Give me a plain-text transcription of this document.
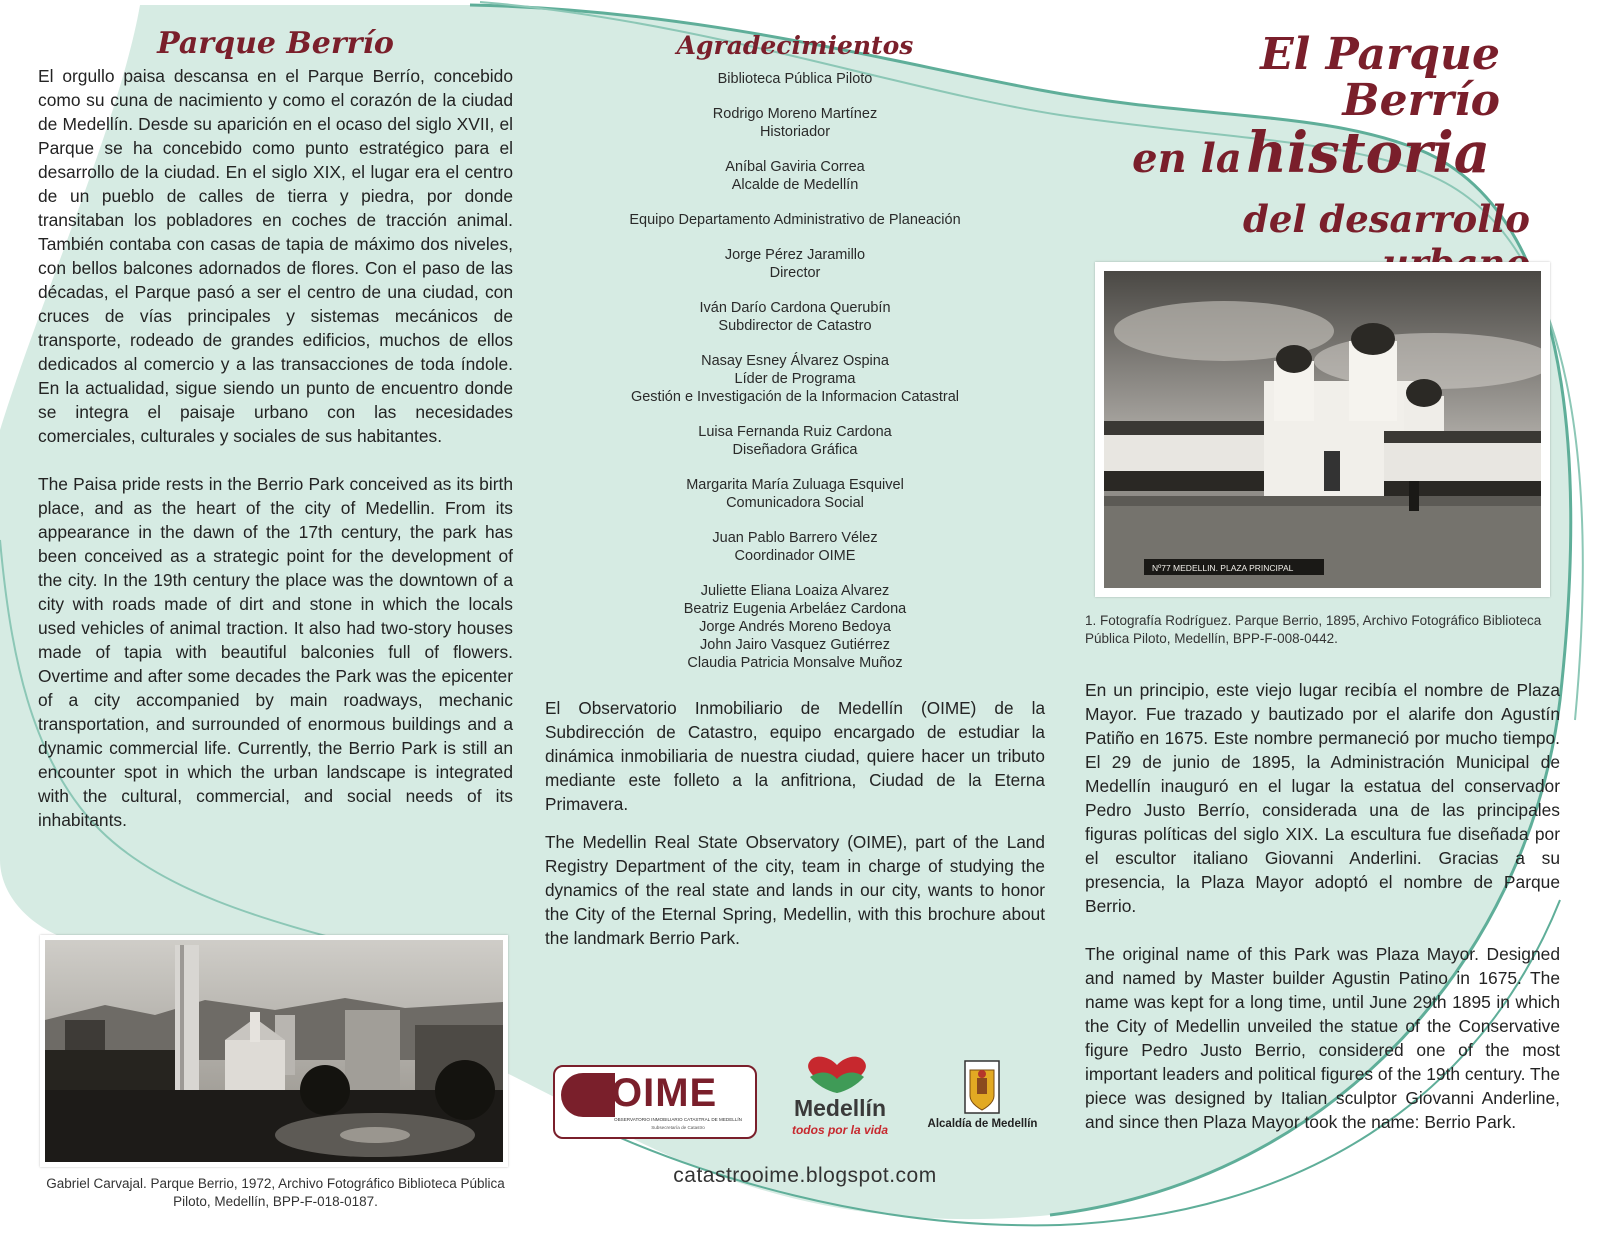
Parque Berrío

El orgullo paisa descansa en el Parque Berrío, concebido como su cuna de nacimiento y como el corazón de la ciudad de Medellín. Desde su aparición en el ocaso del siglo XVII, el Parque se ha concebido como punto estratégico para el desarrollo de la ciudad. En el siglo XIX, el lugar era el centro de un pueblo de calles de tierra y piedra, por donde transitaban los pobladores en coches de tracción animal. También contaba con casas de tapia de máximo dos niveles, con bellos balcones adornados de flores. Con el paso de las décadas, el Parque pasó a ser el centro de una ciudad, con cruces de vías principales y sistemas mecánicos de transporte, rodeado de grandes edificios, muchos de ellos dedicados al comercio y a las transacciones de toda índole. En la actualidad, sigue siendo un punto de encuentro donde se integra el paisaje urbano con las necesidades comerciales, culturales y sociales de sus habitantes.

The Paisa pride rests in the Berrio Park conceived as its birth place, and as the heart of the city of Medellin. From its appearance in the dawn of the 17th century, the park has been conceived as a strategic point for the development of the city. In the 19th century the place was the downtown of a city with roads made of dirt and stone in which the locals used vehicles of animal traction. It also had two-story houses made of tapia with beautiful balconies full of flowers. Overtime and after some decades the Park was the epicenter of a city accompanied by main roadways, mechanic transportation, and surrounded of enormous buildings and a dynamic commercial life. Currently, the Berrio Park is still an encounter spot in which the urban landscape is integrated with the cultural, commercial, and social needs of its inhabitants.

Gabriel Carvajal. Parque Berrio, 1972, Archivo Fotográfico Biblioteca Pública Piloto, Medellín, BPP-F-018-0187.
Agradecimientos

Biblioteca Pública Piloto

Rodrigo Moreno Martínez
Historiador

Aníbal Gaviria Correa
Alcalde de Medellín

Equipo Departamento Administrativo de Planeación

Jorge Pérez Jaramillo
Director

Iván Darío Cardona Querubín
Subdirector de Catastro

Nasay Esney Álvarez Ospina
Líder de Programa
Gestión e Investigación de la Informacion Catastral

Luisa Fernanda Ruiz Cardona
Diseñadora Gráfica

Margarita María Zuluaga Esquivel
Comunicadora Social

Juan Pablo Barrero Vélez
Coordinador OIME

Juliette Eliana Loaiza Alvarez
Beatriz Eugenia Arbeláez Cardona
Jorge Andrés Moreno Bedoya
John Jairo Vasquez Gutiérrez
Claudia Patricia Monsalve Muñoz

El Observatorio Inmobiliario de Medellín (OIME) de la Subdirección de Catastro, equipo encargado de estudiar la dinámica inmobiliaria de nuestra ciudad, quiere hacer un tributo mediante este folleto a la anfitriona, Ciudad de la Eterna Primavera.

The Medellin Real State Observatory (OIME), part of the Land Registry Department of the city, team in charge of studying the dynamics of the real state and lands in our city, wants to honor the City of the Eternal Spring, Medellin, with this brochure about the landmark Berrio Park.

OIME
OBSERVATORIO INMOBILIARIO CATASTRAL DE MEDELLÍN
Subsecretaría de Catastro
Medellín
todos por la vida	Alcaldía de Medellín
catastrooime.blogspot.com
El Parque Berrío
en la historia
del desarrollo
Nº77 MEDELLIN. PLAZA PRINCIPAL
1. Fotografía Rodríguez. Parque Berrio, 1895, Archivo Fotográfico Biblioteca Pública Piloto, Medellín, BPP-F-008-0442.

En un principio, este viejo lugar recibía el nombre de Plaza Mayor. Fue trazado y bautizado por el alarife don Agustín Patiño en 1675. Este nombre permaneció por mucho tiempo. El 29 de junio de 1895, la Administración Municipal de Medellín inauguró en el lugar la estatua del conservador Pedro Justo Berrío, considerada una de las principales figuras políticas del siglo XIX. La escultura fue diseñada por el escultor italiano Giovanni Anderlini. Gracias a su presencia, la Plaza Mayor adoptó el nombre de Parque Berrio.

The original name of this Park was Plaza Mayor. Designed and named by Master builder Agustin Patino in 1675. The name was kept for a long time, until June 29th 1895 in which the City of Medellin unveiled the statue of the Conservative figure Pedro Justo Berrio, considered one of the most important leaders and political figures of the 19th century. The piece was designed by Italian sculptor Giovanni Anderline, and since then Plaza Mayor took the name: Berrio Park.
